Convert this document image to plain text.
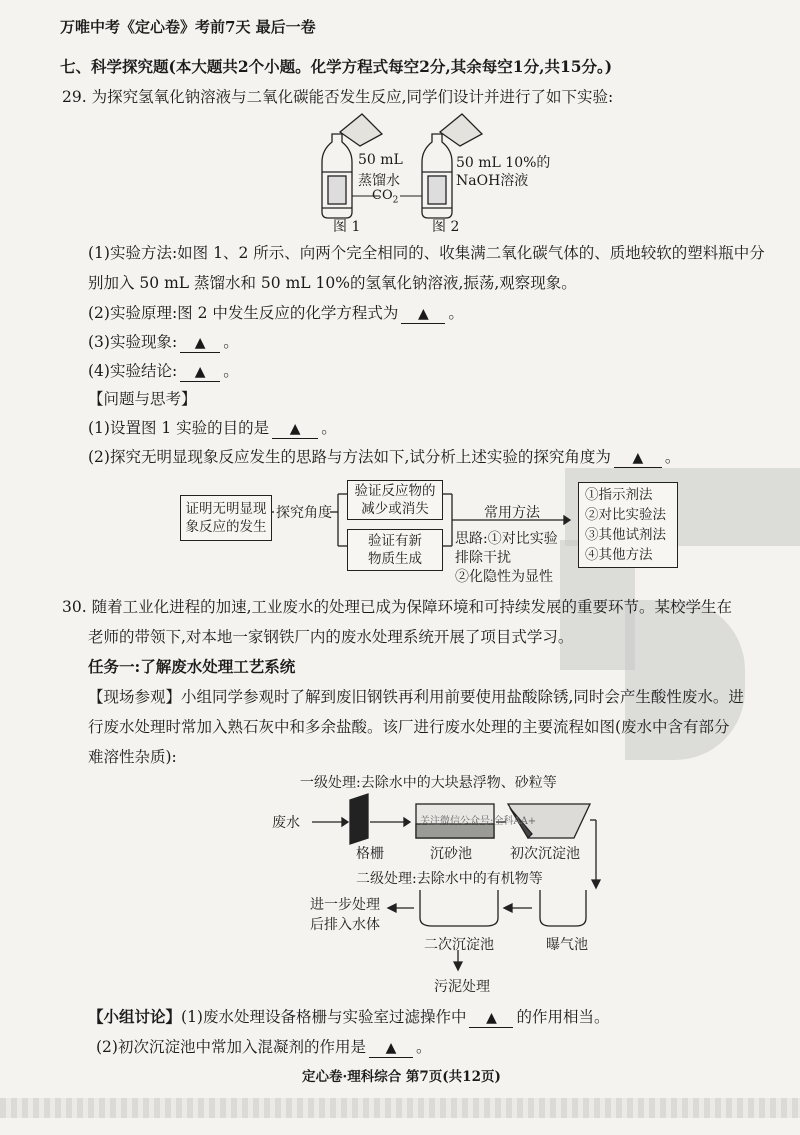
万唯中考《定心卷》考前7天 最后一卷
七、科学探究题(本大题共2个小题。化学方程式每空2分,其余每空1分,共15分。)
29. 为探究氢氧化钠溶液与二氧化碳能否发生反应,同学们设计并进行了如下实验:
50 mL
蒸馏水
50 mL 10%的
NaOH溶液
$CO_2$
图 1	图 2
(1)实验方法:如图 1、2 所示、向两个完全相同的、收集满二氧化碳气体的、质地较软的塑料瓶中分
别加入 50 mL 蒸馏水和 50 mL 10%的氢氧化钠溶液,振荡,观察现象。
(2)实验原理:图 2 中发生反应的化学方程式为 ▲ 。
(3)实验现象: ▲ 。
(4)实验结论: ▲ 。
【问题与思考】
(1)设置图 1 实验的目的是 ▲ 。
(2)探究无明显现象反应发生的思路与方法如下,试分析上述实验的探究角度为 ▲ 。
证明无明显现
象反应的发生
探究角度
验证反应物的
减少或消失
验证有新
物质生成
常用方法
思路:①对比实验
排除干扰
②化隐性为显性
①指示剂法
②对比实验法
③其他试剂法
④其他方法
30. 随着工业化进程的加速,工业废水的处理已成为保障环境和可持续发展的重要环节。某校学生在
老师的带领下,对本地一家钢铁厂内的废水处理系统开展了项目式学习。
任务一:了解废水处理工艺系统
【现场参观】小组同学参观时了解到废旧钢铁再利用前要使用盐酸除锈,同时会产生酸性废水。进
行废水处理时常加入熟石灰中和多余盐酸。该厂进行废水处理的主要流程如图(废水中含有部分
难溶性杂质):
一级处理:去除水中的大块悬浮物、砂粒等
废水	关注微信公众号:全科AA+
格栅	沉砂池	初次沉淀池
二级处理:去除水中的有机物等
进一步处理
后排入水体
二次沉淀池	曝气池
污泥处理
【小组讨论】(1)废水处理设备格栅与实验室过滤操作中 ▲ 的作用相当。
(2)初次沉淀池中常加入混凝剂的作用是 ▲ 。
定心卷·理科综合 第7页(共12页)
